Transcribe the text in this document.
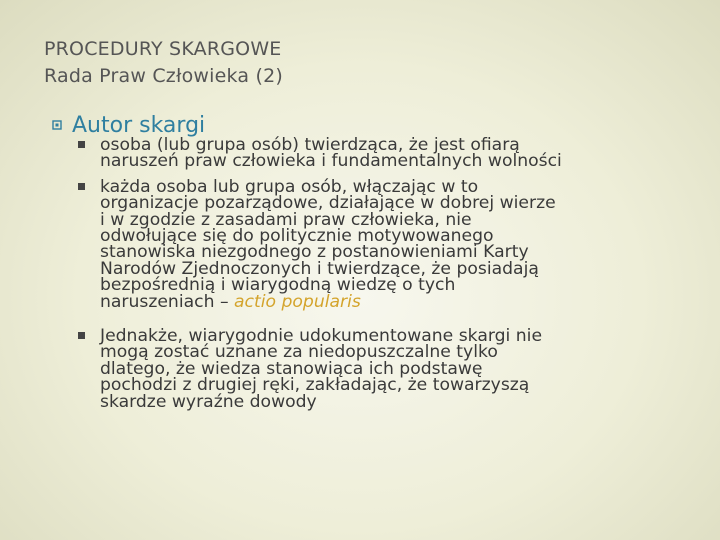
PROCEDURY SKARGOWE
Rada Praw Człowieka (2)
Autor skargi
osoba (lub grupa osób) twierdząca, że jest ofiarą
naruszeń praw człowieka i fundamentalnych wolności
każda osoba lub grupa osób, włączając w to
organizacje pozarządowe, działające w dobrej wierze
i w zgodzie z zasadami praw człowieka, nie
odwołujące się do politycznie motywowanego
stanowiska niezgodnego z postanowieniami Karty
Narodów Zjednoczonych i twierdzące, że posiadają
bezpośrednią i wiarygodną wiedzę o tych
naruszeniach – actio popularis
Jednakże, wiarygodnie udokumentowane skargi nie
mogą zostać uznane za niedopuszczalne tylko
dlatego, że wiedza stanowiąca ich podstawę
pochodzi z drugiej ręki, zakładając, że towarzyszą
skardze wyraźne dowody
